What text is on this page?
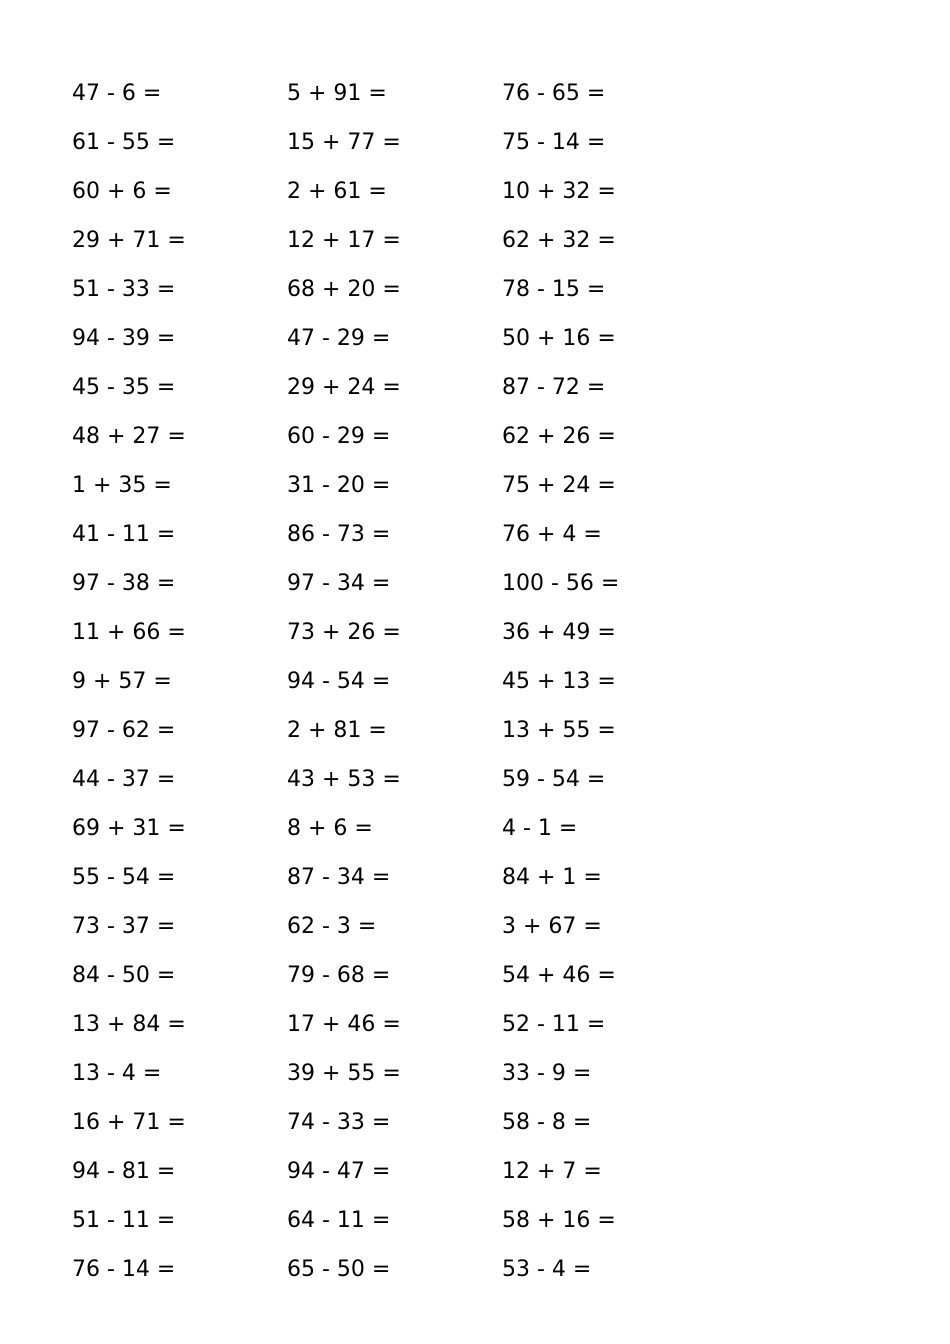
47 - 6 =	5 + 91 =	76 - 65 =
61 - 55 =	15 + 77 =	75 - 14 =
60 + 6 =	2 + 61 =	10 + 32 =
29 + 71 =	12 + 17 =	62 + 32 =
51 - 33 =	68 + 20 =	78 - 15 =
94 - 39 =	47 - 29 =	50 + 16 =
45 - 35 =	29 + 24 =	87 - 72 =
48 + 27 =	60 - 29 =	62 + 26 =
1 + 35 =	31 - 20 =	75 + 24 =
41 - 11 =	86 - 73 =	76 + 4 =
97 - 38 =	97 - 34 =	100 - 56 =
11 + 66 =	73 + 26 =	36 + 49 =
9 + 57 =	94 - 54 =	45 + 13 =
97 - 62 =	2 + 81 =	13 + 55 =
44 - 37 =	43 + 53 =	59 - 54 =
69 + 31 =	8 + 6 =	4 - 1 =
55 - 54 =	87 - 34 =	84 + 1 =
73 - 37 =	62 - 3 =	3 + 67 =
84 - 50 =	79 - 68 =	54 + 46 =
13 + 84 =	17 + 46 =	52 - 11 =
13 - 4 =	39 + 55 =	33 - 9 =
16 + 71 =	74 - 33 =	58 - 8 =
94 - 81 =	94 - 47 =	12 + 7 =
51 - 11 =	64 - 11 =	58 + 16 =
76 - 14 =	65 - 50 =	53 - 4 =
